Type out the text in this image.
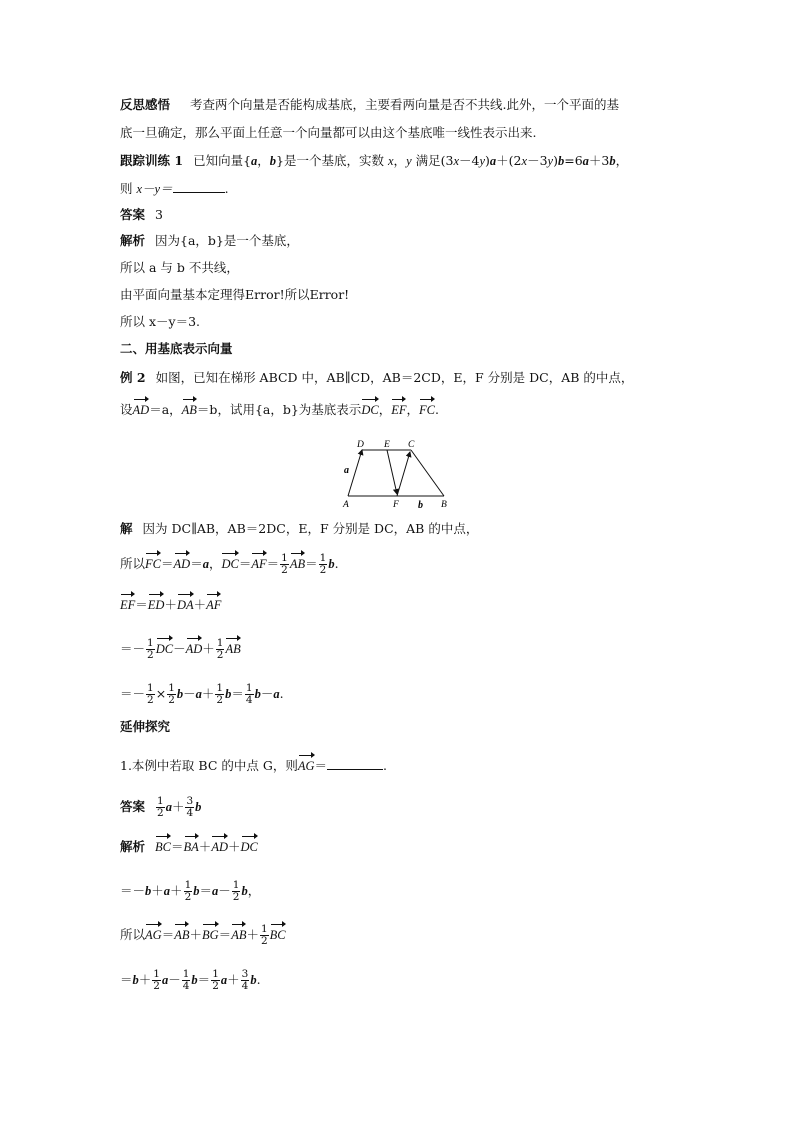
反思感悟 考查两个向量是否能构成基底，主要看两向量是否不共线.此外，一个平面的基
底一旦确定，那么平面上任意一个向量都可以由这个基底唯一线性表示出来.
跟踪训练 1 已知向量{a，b}是一个基底，实数 x，y 满足(3x－4y)a＋(2x－3y)b=6a＋3b，
则 x－y＝	.
答案 3
解析 因为{a，b}是一个基底，
所以 a 与 b 不共线，
由平面向量基本定理得Error!所以Error!
所以 x－y＝3.
二、用基底表示向量
例 2 如图，已知在梯形 ABCD 中，AB∥CD，AB＝2CD，E，F 分别是 DC，AB 的中点，
设AD＝a，AB＝b，试用{a，b}为基底表示DC，EF，FC.
D E C
A	F	B
a
b
解 因为 DC∥AB，AB＝2DC，E，F 分别是 DC，AB 的中点，
所以FC＝AD＝a，$DC=AF= \frac{1}{2} AB= \frac{1}{2} b$.
EF＝ED＋DA＋AF
＝－ $\frac{1}{2} DC-AD+ \frac{1}{2}$ AB
＝－ $\frac{1}{2} \times \frac{1}{2} b-a+ \frac{1}{2} b= \frac{1}{4} b-a$.
延伸探究
1.本例中若取 BC 的中点 G，则AG＝	.
答案 $\frac{1}{2} a+ \frac{3}{4}$ b
解析 BC＝BA＋AD＋DC
$=-b+a+ \frac{1}{2} b=a- \frac{1}{2}$ b，
所以$AG=AB+BG=AB+ \frac{1}{2}$ BC
$=b+ \frac{1}{2} a- \frac{1}{4} b= \frac{1}{2} a+ \frac{3}{4} b$.
